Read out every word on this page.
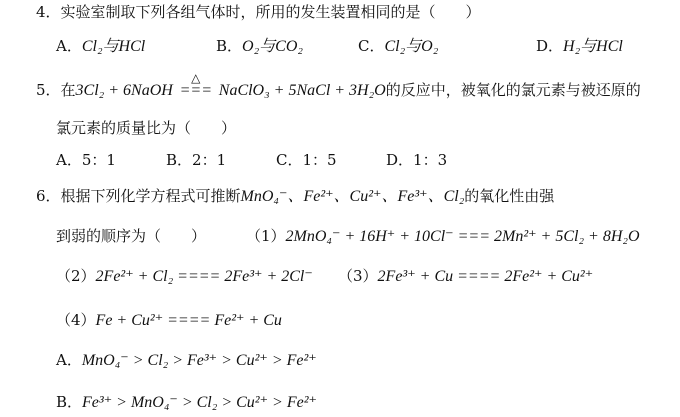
4．实验室制取下列各组气体时，所用的发生装置相同的是（　　）
A．Cl₂与HCl	B．O₂与CO₂	C．Cl₂与O₂	D．H₂与HCl
5．在3Cl₂ + 6NaOH
△
=== NaClO₃ + 5NaCl + 3H₂O的反应中，被氧化的氯元素与被还原的
氯元素的质量比为（　　）
A．5：1	B．2：1	C．1：5	D．1：3
6．根据下列化学方程式可推断MnO₄⁻、Fe²⁺、Cu²⁺、Fe³⁺、Cl₂的氧化性由强
到弱的顺序为（　　）	（1）2MnO₄⁻ + 16H⁺ + 10Cl⁻ === 2Mn²⁺ + 5Cl₂ + 8H₂O
（2）2Fe²⁺ + Cl₂ ==== 2Fe³⁺ + 2Cl⁻ （3）2Fe³⁺ + Cu ==== 2Fe²⁺ + Cu²⁺
（4）Fe + Cu²⁺ ==== Fe²⁺ + Cu
A．MnO₄⁻ > Cl₂ > Fe³⁺ > Cu²⁺ > Fe²⁺
B．Fe³⁺ > MnO₄⁻ > Cl₂ > Cu²⁺ > Fe²⁺
